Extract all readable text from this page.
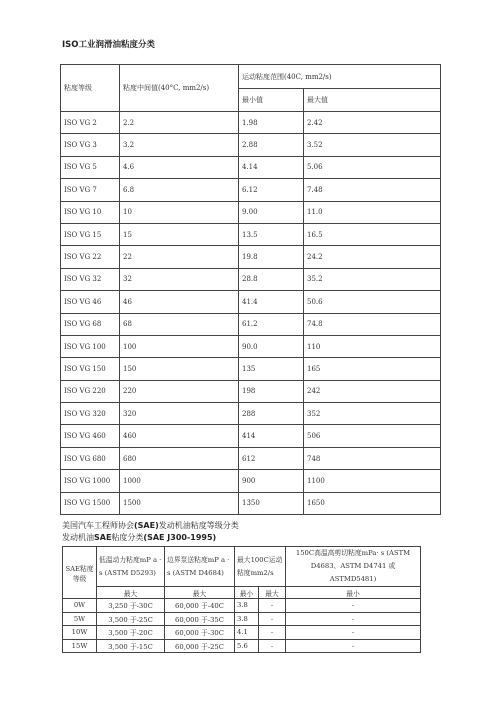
ISO工业润滑油粘度分类
粘度等级	粘度中间值(40°C, mm2/s)	运动粘度范围(40C, mm2/s)	
		最小值	最大值
ISO VG 2	2.2	1.98	2.42
ISO VG 3	3.2	2.88	3.52
ISO VG 5	4.6	4.14	5.06
ISO VG 7	6.8	6.12	7.48
ISO VG 10	10	9.00	11.0
ISO VG 15	15	13.5	16.5
ISO VG 22	22	19.8	24.2
ISO VG 32	32	28.8	35.2
ISO VG 46	46	41.4	50.6
ISO VG 68	68	61.2	74.8
ISO VG 100	100	90.0	110
ISO VG 150	150	135	165
ISO VG 220	220	198	242
ISO VG 320	320	288	352
ISO VG 460	460	414	506
ISO VG 680	680	612	748
ISO VG 1000	1000	900	1100
ISO VG 1500	1500	1350	1650
美国汽车工程师协会(SAE)发动机油粘度等级分类
发动机油SAE粘度分类(SAE J300-1995)
SAE粘度等级	低温动力粘度mP a · s (ASTM D5293)	边界泵送粘度mP a · s (ASTM D4684)	最大100C运动粘度mm2/s		150C高温高剪切粘度mPa· s (ASTM D4683、ASTM D4741 或 ASTMD5481)
	最大	最大	最小	最大	最小
0W	3,250 于-30C	60,000 于-40C	3.8	-	-
5W	3,500 于-25C	60,000 于-35C	3.8	-	-
10W	3,500 于-20C	60,000 于-30C	4.1	-	-
15W	3,500 于-15C	60,000 于-25C	5.6	-	-
